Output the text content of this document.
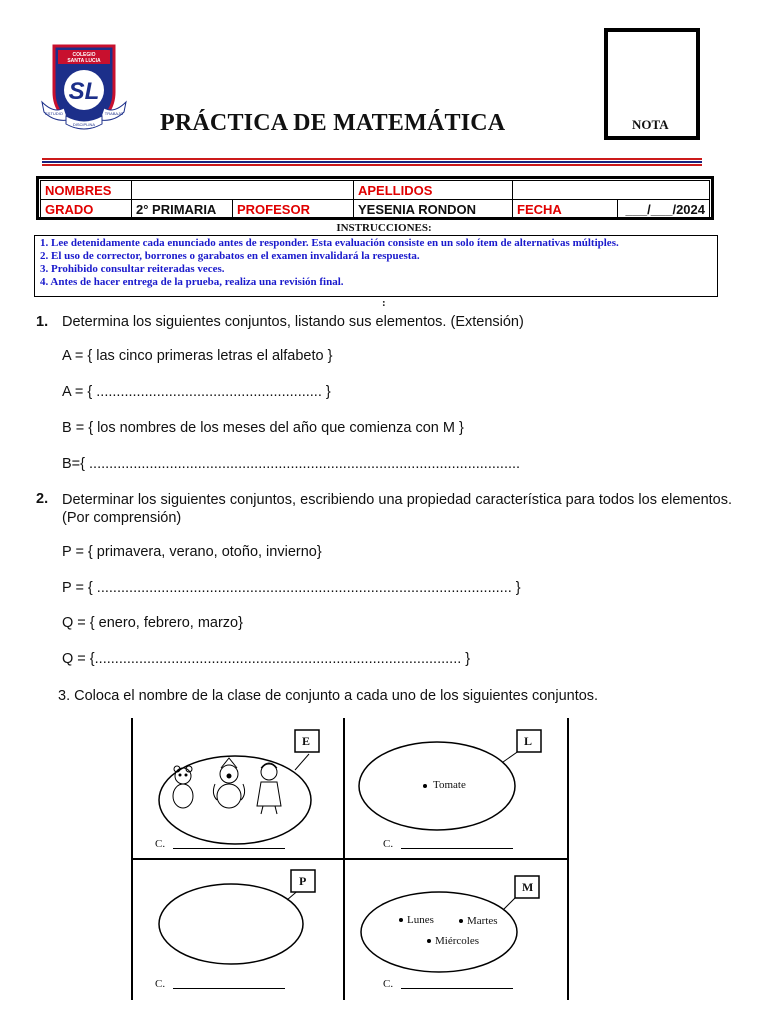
COLEGIO
SANTA LUCIA
SL
ESTUDIO
DISCIPLINA
TRABAJO PRÁCTICA DE MATEMÁTICA	NOTA
NOMBRES			APELLIDOS		
GRADO	2° PRIMARIA	PROFESOR	YESENIA RONDON	FECHA	___/___/2024
INSTRUCCIONES:
1. Lee detenidamente cada enunciado antes de responder. Esta evaluación consiste en un solo ítem de alternativas múltiples.
2. El uso de corrector, borrones o garabatos en el examen invalidará la respuesta.
3. Prohibido consultar reiteradas veces.
4. Antes de hacer entrega de la prueba, realiza una revisión final.
:
1. Determina los siguientes conjuntos, listando sus elementos. (Extensión)
A = { las cinco primeras letras el alfabeto }
A = { ........................................................ }
B = { los nombres de los meses del año que comienza con M }
B={ ...........................................................................................................
2. Determinar los siguientes conjuntos, escribiendo una propiedad característica para todos los elementos. (Por comprensión)
P = { primavera, verano, otoño, invierno}
P = { ....................................................................................................... }
Q = { enero, febrero, marzo}
Q = {........................................................................................... }
3. Coloca el nombre de la clase de conjunto a cada uno de los siguientes conjuntos.
E
C.
L
Tomate
C.
P
C.
M
Lunes	Martes
Miércoles
C.
